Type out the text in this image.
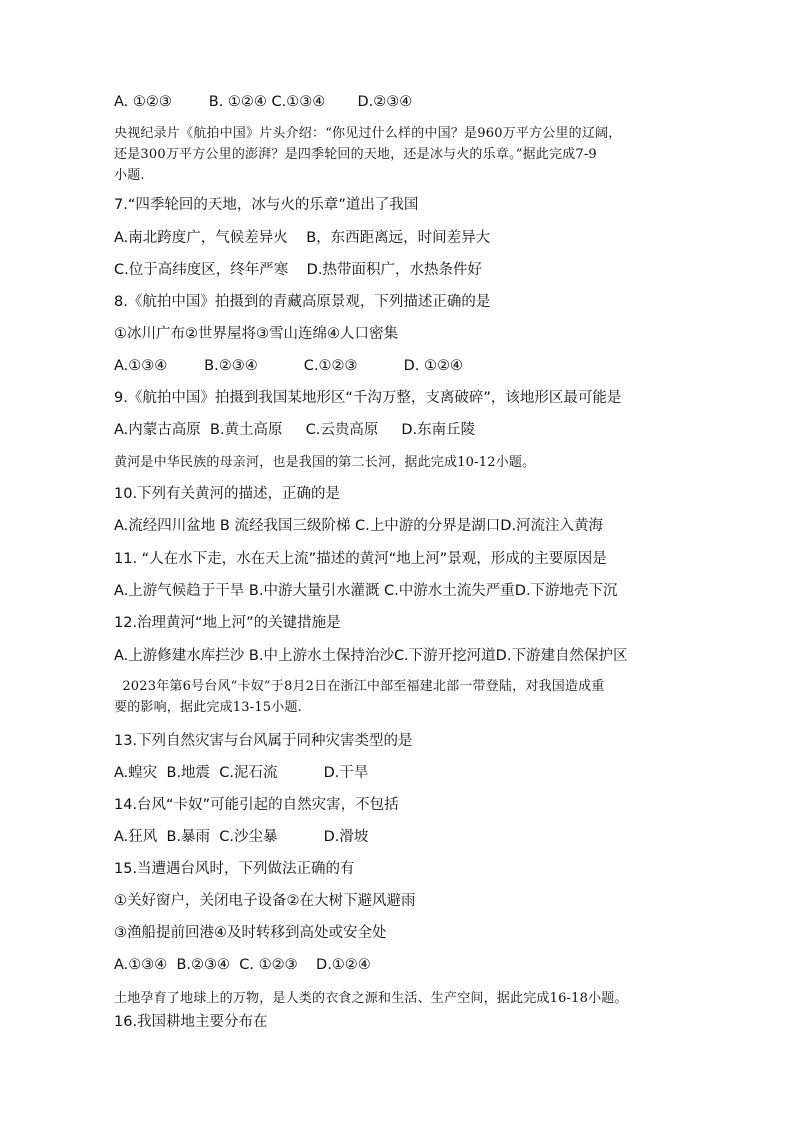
A. ①②③        B. ①②④ C.①③④       D.②③④
央视纪录片《航拍中国》片头介绍：“你见过什么样的中国？是960万平方公里的辽阔，
还是300万平方公里的澎湃？是四季轮回的天地，还是冰与火的乐章。”据此完成7-9
小题.
7.“四季轮回的天地，冰与火的乐章”道出了我国
A.南北跨度广，气候差异火    B，东西距离远，时间差异大
C.位于高纬度区，终年严寒    D.热带面积广，水热条件好
8.《航拍中国》拍摄到的青藏高原景观，下列描述正确的是
①冰川广布②世界屋将③雪山连绵④人口密集
A.①③④        B.②③④          C.①②③          D. ①②④
9.《航拍中国》拍摄到我国某地形区“千沟万整，支离破碎”，该地形区最可能是
A.内蒙古高原  B.黄土高原     C.云贵高原     D.东南丘陵
黄河是中华民族的母亲河，也是我国的第二长河，据此完成10-12小题。
10.下列有关黄河的描述，正确的是
A.流经四川盆地 B 流经我国三级阶梯 C.上中游的分界是湖口D.河流注入黄海
11. “人在水下走，水在天上流”描述的黄河“地上河”景观，形成的主要原因是
A.上游气候趋于干旱 B.中游大量引水灌溉 C.中游水土流失严重D.下游地壳下沉
12.治理黄河“地上河”的关键措施是
A.上游修建水库拦沙 B.中上游水土保持治沙C.下游开挖河道D.下游建自然保护区
2023年第6号台风“卡奴”于8月2日在浙江中部至福建北部一带登陆，对我国造成重
要的影响，据此完成13-15小题.
13.下列自然灾害与台风属于同种灾害类型的是
A.蝗灾  B.地震  C.泥石流          D.干旱
14.台风“卡奴”可能引起的自然灾害，不包括
A.狂风  B.暴雨  C.沙尘暴          D.滑坡
15.当遭遇台风时，下列做法正确的有
①关好窗户，关闭电子设备②在大树下避风避雨
③渔船提前回港④及时转移到高处或安全处
A.①③④  B.②③④  C. ①②③    D.①②④
土地孕育了地球上的万物，是人类的衣食之源和生活、生产空间，据此完成16-18小题。
16.我国耕地主要分布在
